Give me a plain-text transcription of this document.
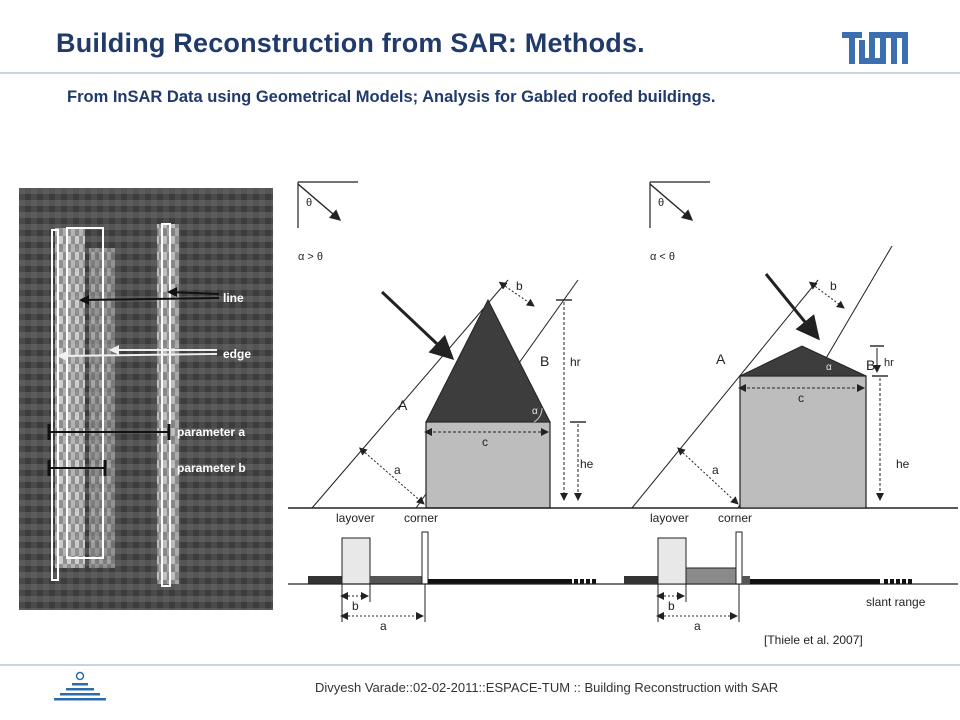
Building Reconstruction from SAR: Methods.
From InSAR Data using Geometrical Models; Analysis for Gabled roofed buildings.
line
edge
parameter a
parameter b
θ
α > θ
α
c
hr
he
A
B
b
a
layover corner
b
a
θ
α < θ
α
c
hr
he
A	B
b
a
layover corner
b
a
slant range
[Thiele et al. 2007]
Divyesh Varade::02-02-2011::ESPACE-TUM :: Building Reconstruction with SAR
